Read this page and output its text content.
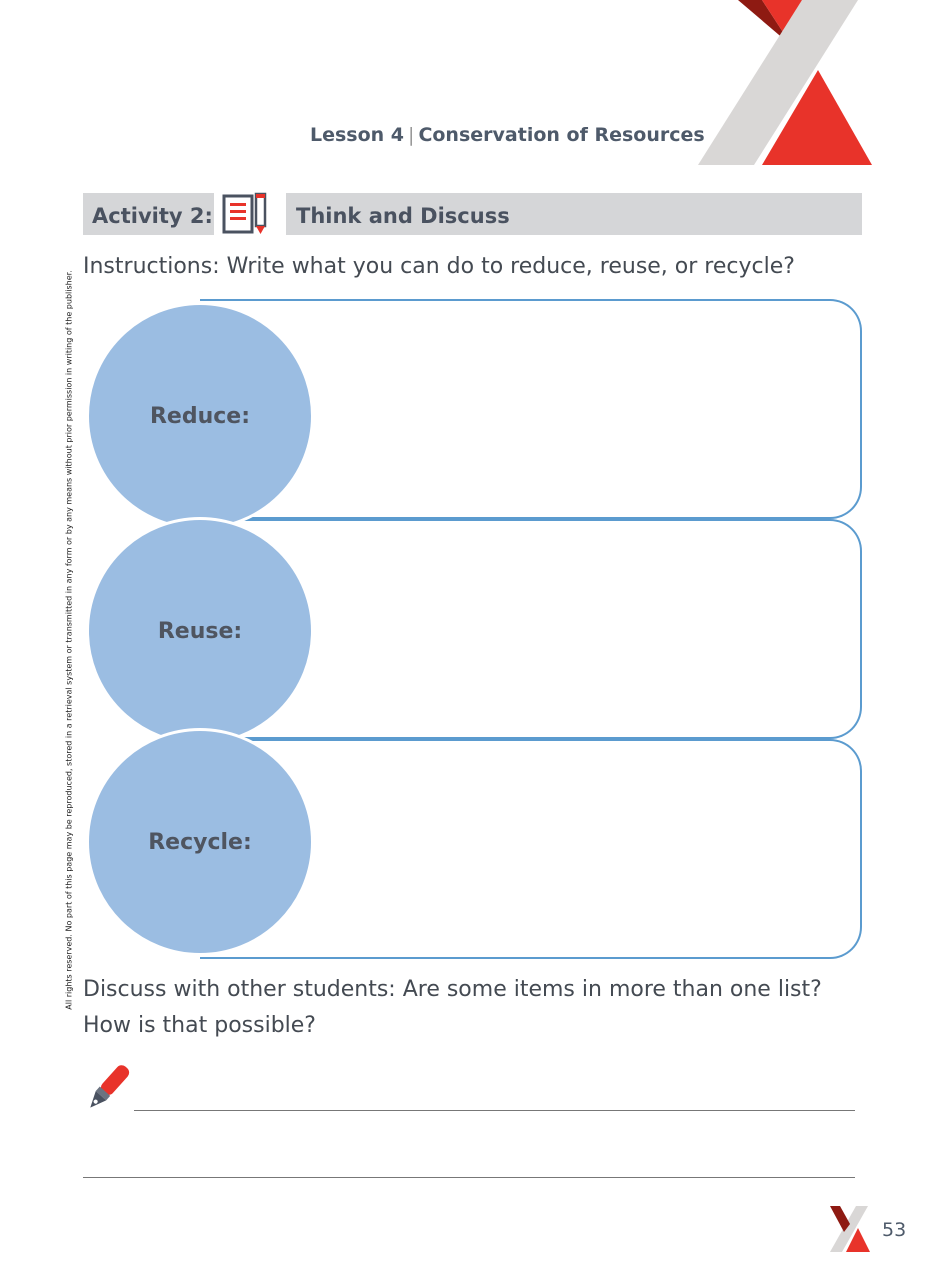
Lesson 4 | Conservation of Resources
Activity 2:	Think and Discuss
Instructions: Write what you can do to reduce, reuse, or recycle?
All rights reserved. No part of this page may be reproduced, stored in a retrieval system or transmitted in any form or by any means without prior permission in writing of the publisher.	Reduce:
Reuse:
Recycle:
Discuss with other students: Are some items in more than one list? How is that possible?
53
